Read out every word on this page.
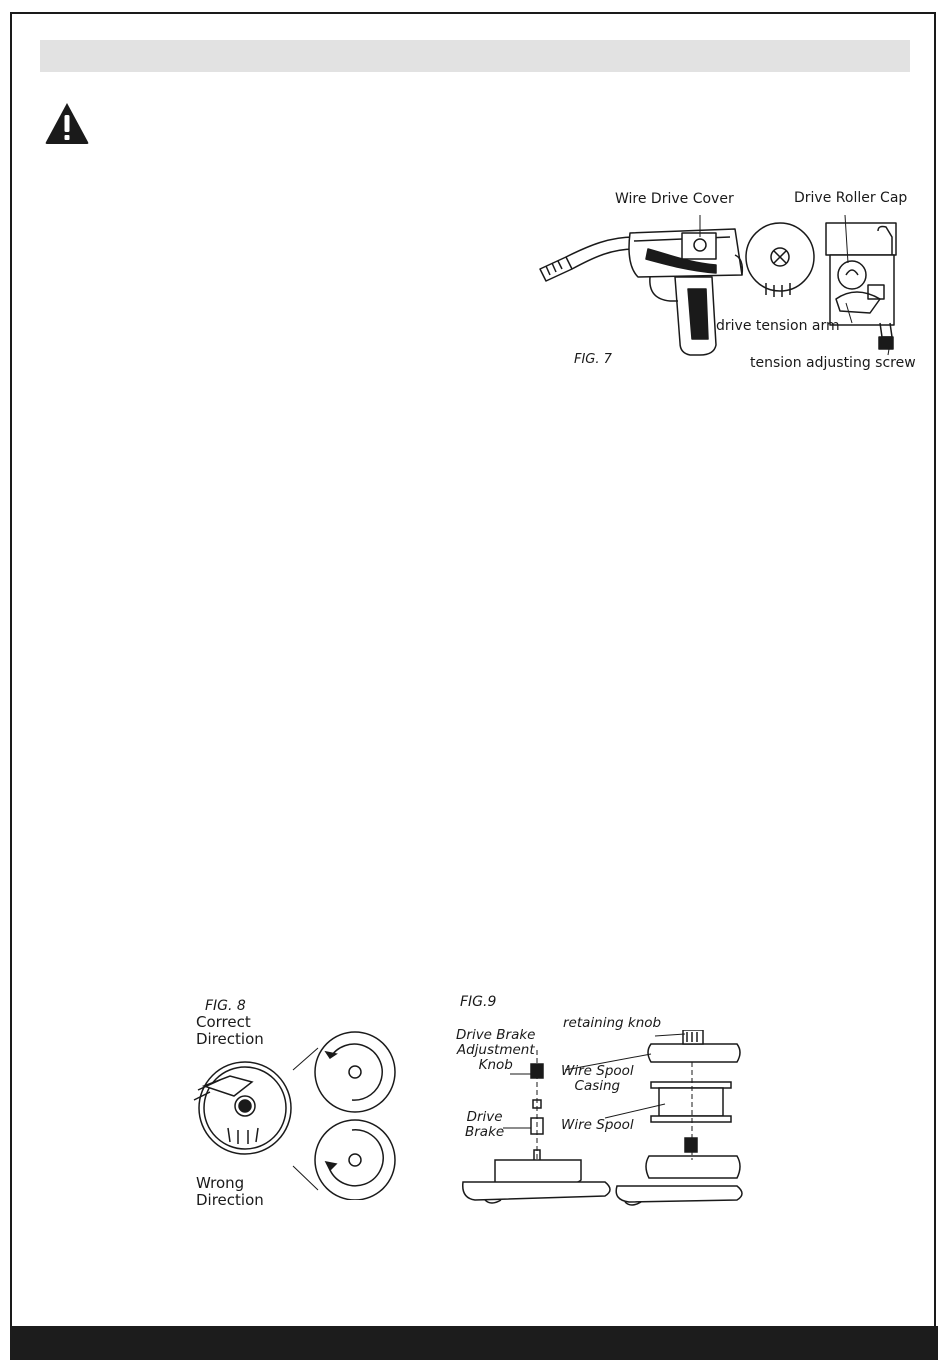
Wire Drive Cover	Drive Roller Cap
drive tension arm
tension adjusting screw
FIG. 7
FIG. 8
Correct
Direction
Wrong
Direction
FIG.9
retaining knob
Drive Brake
Adjustment
Knob	Wire Spool
Casing
Drive
Brake	Wire Spool
